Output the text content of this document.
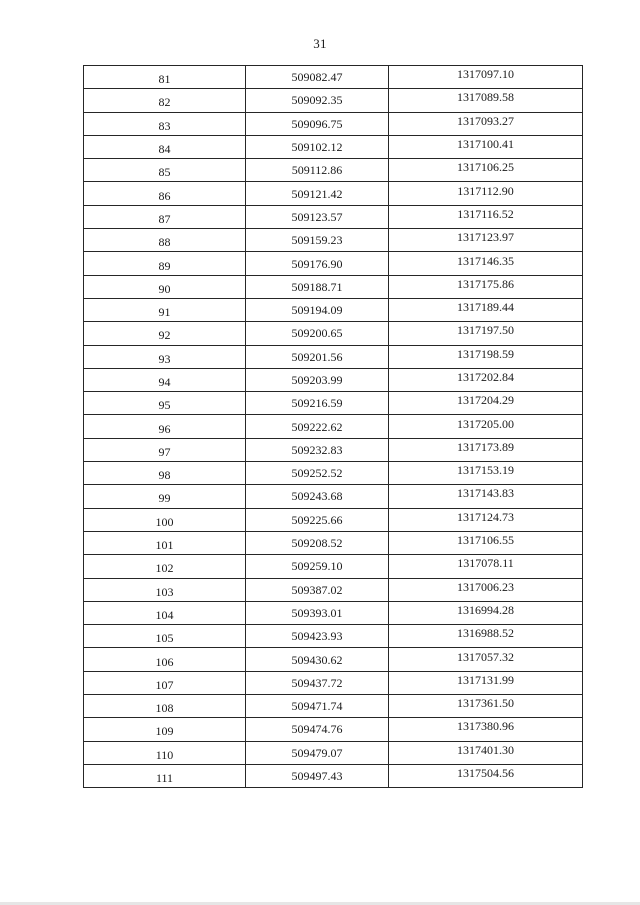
31
81	509082.47	1317097.10

82	509092.35	1317089.58

83	509096.75	1317093.27

84	509102.12	1317100.41

85	509112.86	1317106.25

86	509121.42	1317112.90

87	509123.57	1317116.52

88	509159.23	1317123.97

89	509176.90	1317146.35

90	509188.71	1317175.86

91	509194.09	1317189.44

92	509200.65	1317197.50

93	509201.56	1317198.59

94	509203.99	1317202.84

95	509216.59	1317204.29

96	509222.62	1317205.00

97	509232.83	1317173.89

98	509252.52	1317153.19

99	509243.68	1317143.83

100	509225.66	1317124.73

101	509208.52	1317106.55

102	509259.10	1317078.11

103	509387.02	1317006.23

104	509393.01	1316994.28

105	509423.93	1316988.52

106	509430.62	1317057.32

107	509437.72	1317131.99

108	509471.74	1317361.50

109	509474.76	1317380.96

110	509479.07	1317401.30

111	509497.43	1317504.56
